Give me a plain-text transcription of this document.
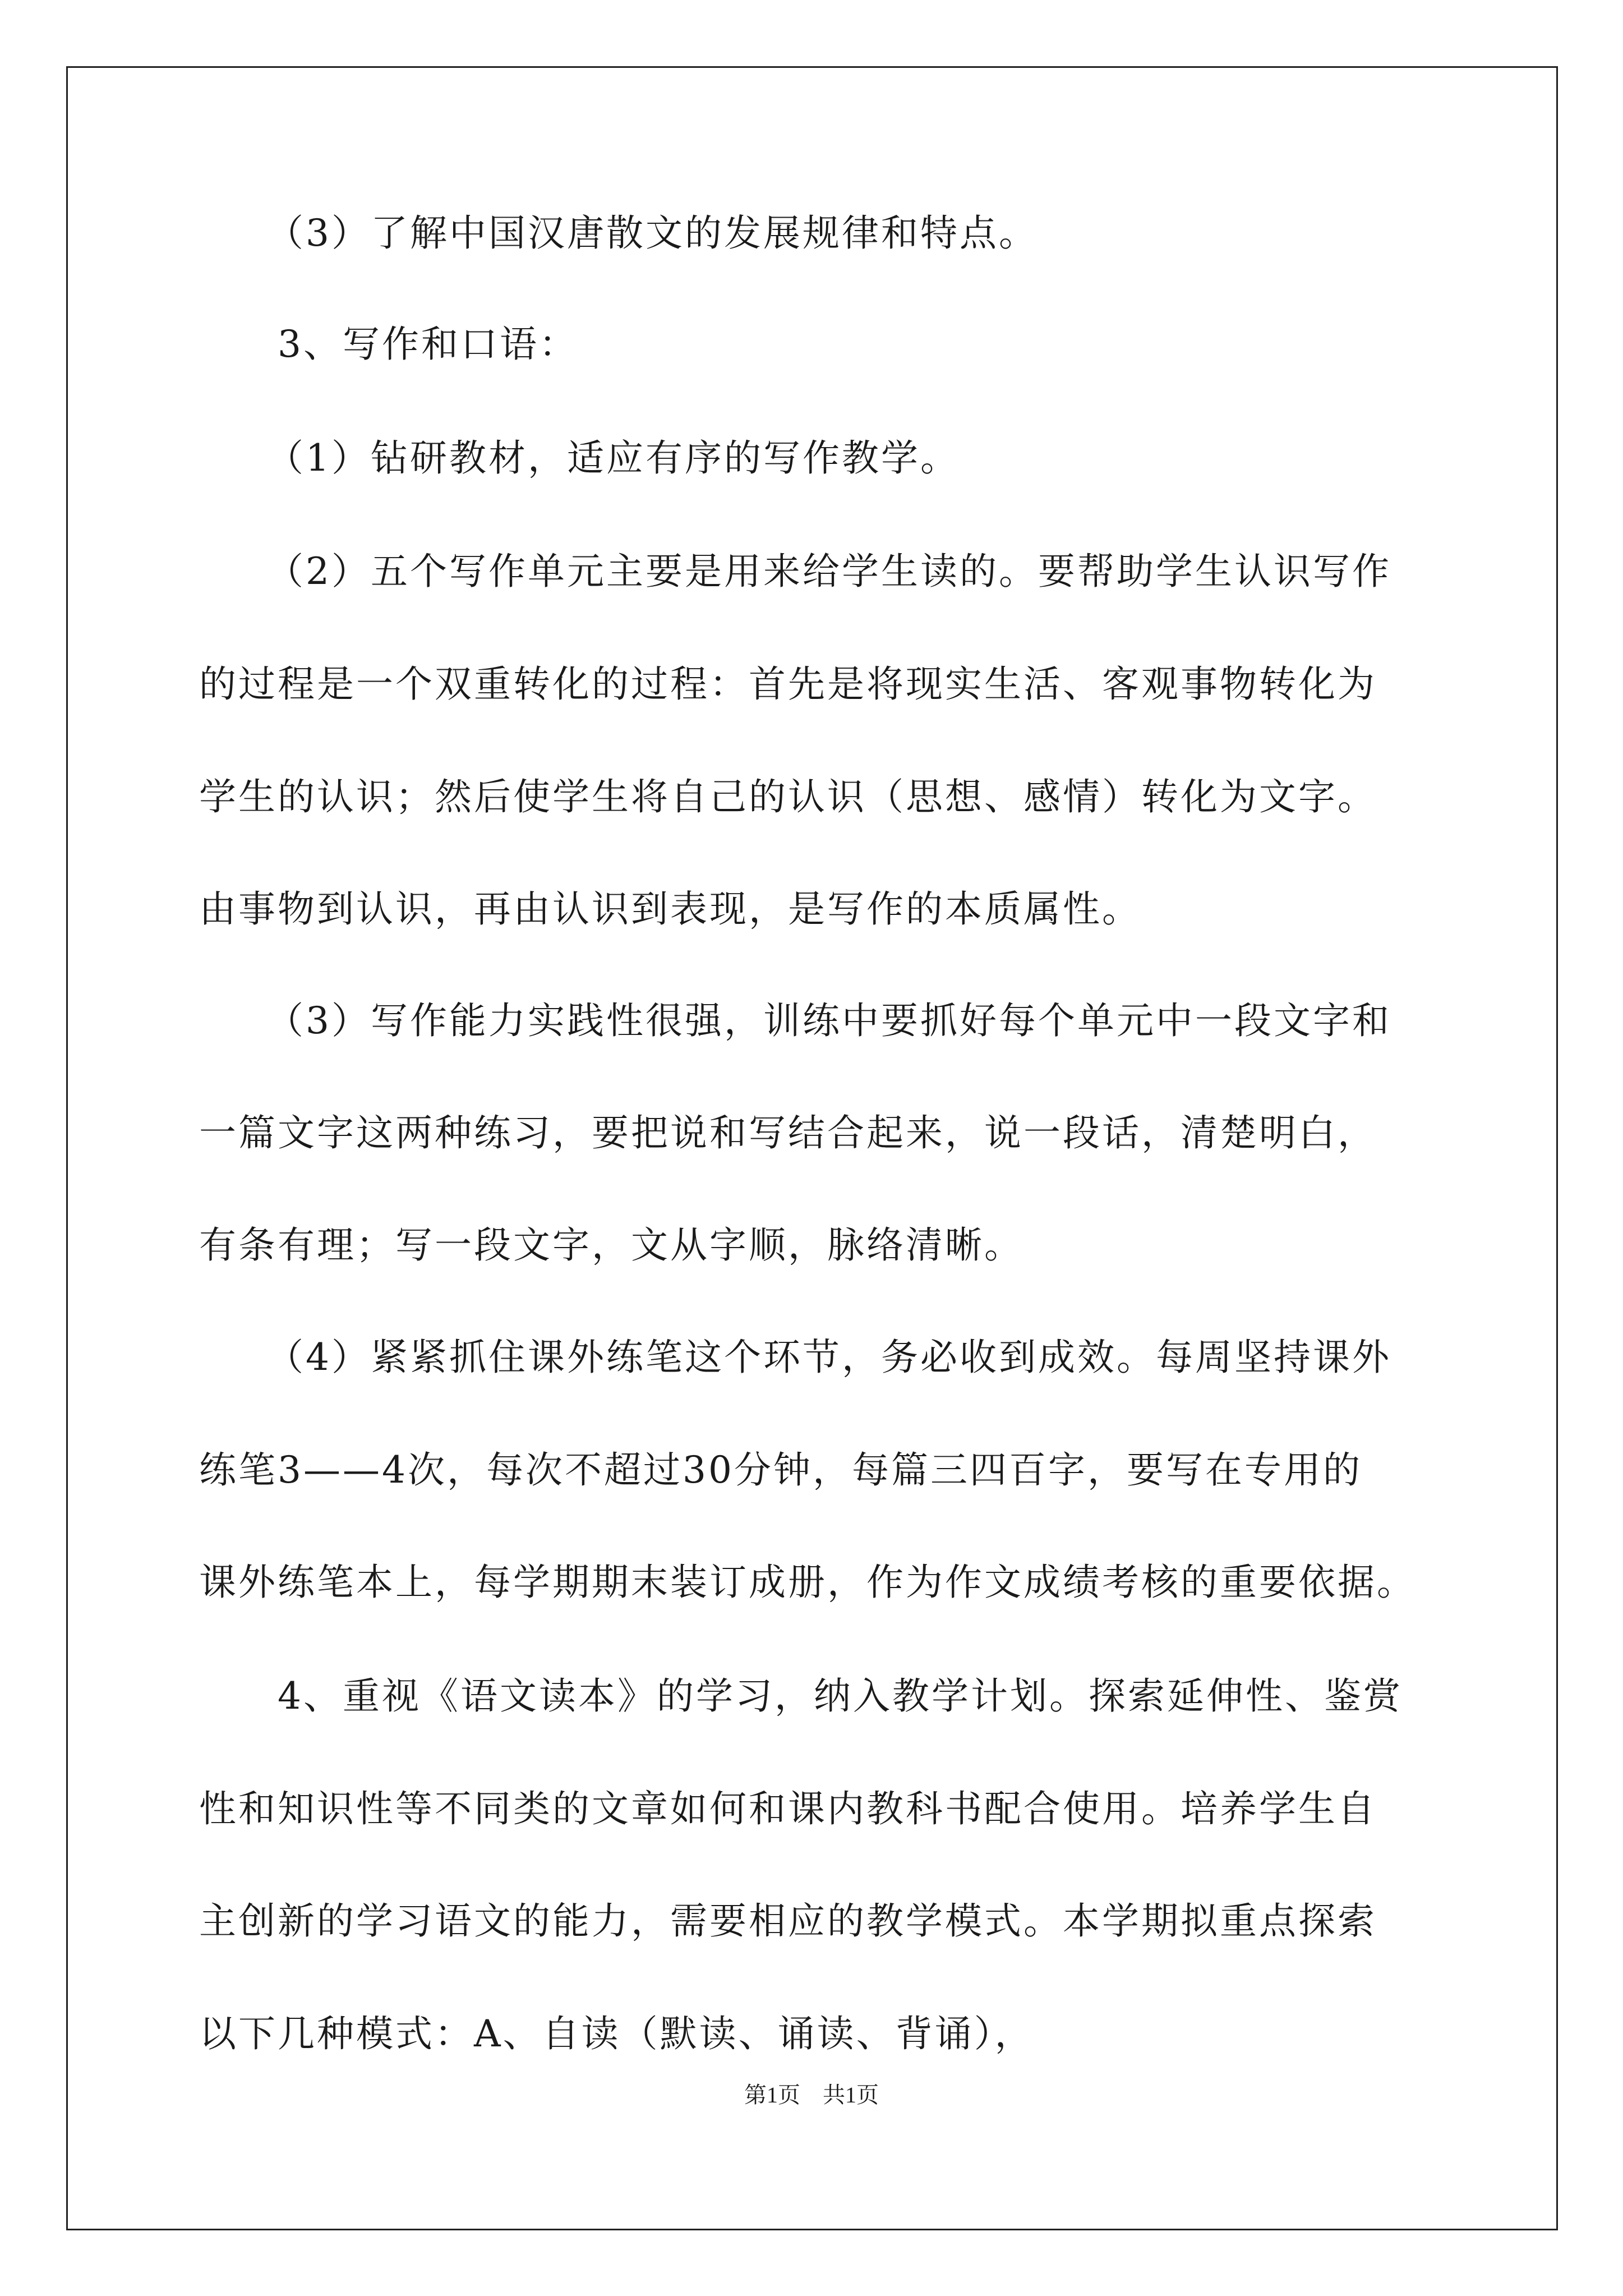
（3）了解中国汉唐散文的发展规律和特点。
3、写作和口语：
（1）钻研教材，适应有序的写作教学。
（2）五个写作单元主要是用来给学生读的。要帮助学生认识写作
的过程是一个双重转化的过程：首先是将现实生活、客观事物转化为
学生的认识；然后使学生将自己的认识（思想、感情）转化为文字。
由事物到认识，再由认识到表现，是写作的本质属性。
（3）写作能力实践性很强，训练中要抓好每个单元中一段文字和
一篇文字这两种练习，要把说和写结合起来，说一段话，清楚明白，
有条有理；写一段文字，文从字顺，脉络清晰。
（4）紧紧抓住课外练笔这个环节，务必收到成效。每周坚持课外
练笔3——4次，每次不超过30分钟，每篇三四百字，要写在专用的
课外练笔本上，每学期期末装订成册，作为作文成绩考核的重要依据。
4、重视《语文读本》的学习，纳入教学计划。探索延伸性、鉴赏
性和知识性等不同类的文章如何和课内教科书配合使用。培养学生自
主创新的学习语文的能力，需要相应的教学模式。本学期拟重点探索
以下几种模式：A、自读（默读、诵读、背诵），
第1页　共1页
